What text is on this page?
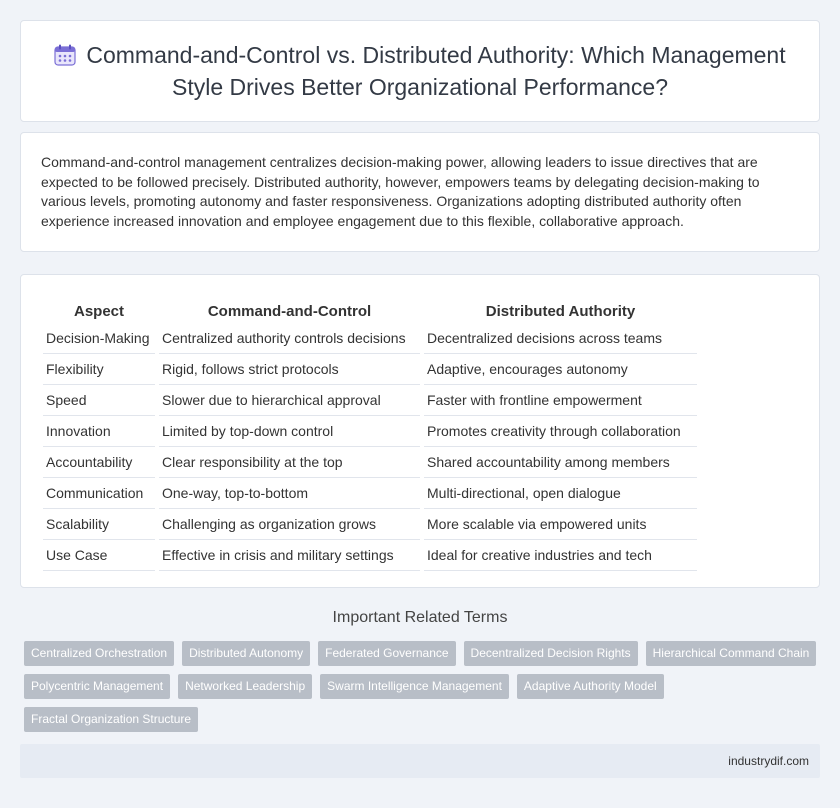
Command-and-Control vs. Distributed Authority: Which Management Style Drives Better Organizational Performance?

Command-and-control management centralizes decision-making power, allowing leaders to issue directives that are expected to be followed precisely. Distributed authority, however, empowers teams by delegating decision-making to various levels, promoting autonomy and faster responsiveness. Organizations adopting distributed authority often experience increased innovation and employee engagement due to this flexible, collaborative approach.

Aspect	Command-and-Control	Distributed Authority
Decision-Making	Centralized authority controls decisions	Decentralized decisions across teams
Flexibility	Rigid, follows strict protocols	Adaptive, encourages autonomy
Speed	Slower due to hierarchical approval	Faster with frontline empowerment
Innovation	Limited by top-down control	Promotes creativity through collaboration
Accountability	Clear responsibility at the top	Shared accountability among members
Communication	One-way, top-to-bottom	Multi-directional, open dialogue
Scalability	Challenging as organization grows	More scalable via empowered units
Use Case	Effective in crisis and military settings	Ideal for creative industries and tech
Important Related Terms
Centralized Orchestration	Distributed Autonomy	Federated Governance	Decentralized Decision Rights	Hierarchical Command Chain
Polycentric Management	Networked Leadership	Swarm Intelligence Management	Adaptive Authority Model
Fractal Organization Structure
industrydif.com
